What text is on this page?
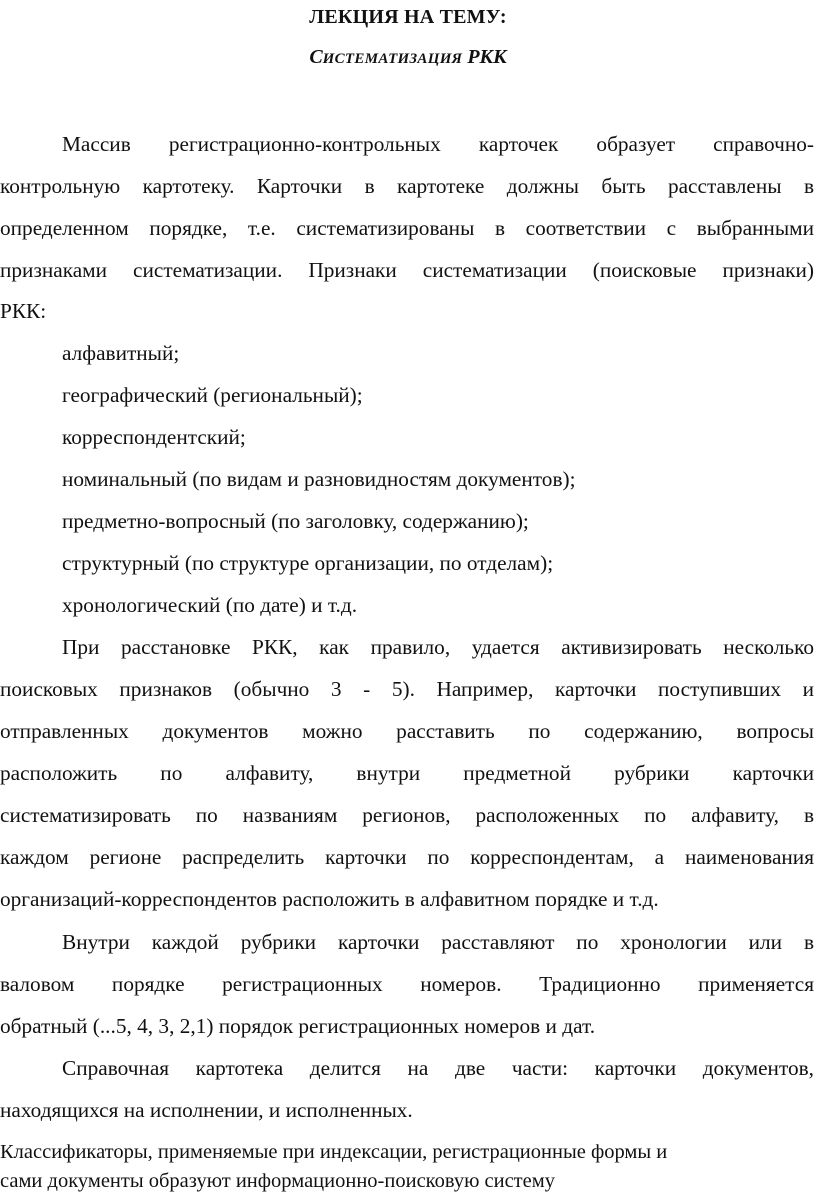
ЛЕКЦИЯ НА ТЕМУ:
СИСТЕМАТИЗАЦИЯ РКК
Массив регистрационно-контрольных карточек образует справочно-
контрольную картотеку. Карточки в картотеке должны быть расставлены в
определенном порядке, т.е. систематизированы в соответствии с выбранными
признаками систематизации. Признаки систематизации (поисковые признаки)
РКК:
алфавитный;
географический (региональный);
корреспондентский;
номинальный (по видам и разновидностям документов);
предметно-вопросный (по заголовку, содержанию);
структурный (по структуре организации, по отделам);
хронологический (по дате) и т.д.
При расстановке РКК, как правило, удается активизировать несколько
поисковых признаков (обычно 3 - 5). Например, карточки поступивших и
отправленных документов можно расставить по содержанию, вопросы
расположить по алфавиту, внутри предметной рубрики карточки
систематизировать по названиям регионов, расположенных по алфавиту, в
каждом регионе распределить карточки по корреспондентам, а наименования
организаций-корреспондентов расположить в алфавитном порядке и т.д.
Внутри каждой рубрики карточки расставляют по хронологии или в
валовом порядке регистрационных номеров. Традиционно применяется
обратный (...5, 4, 3, 2,1) порядок регистрационных номеров и дат.
Справочная картотека делится на две части: карточки документов,
находящихся на исполнении, и исполненных.
Классификаторы, применяемые при индексации, регистрационные формы и
сами документы образуют информационно-поисковую систему
